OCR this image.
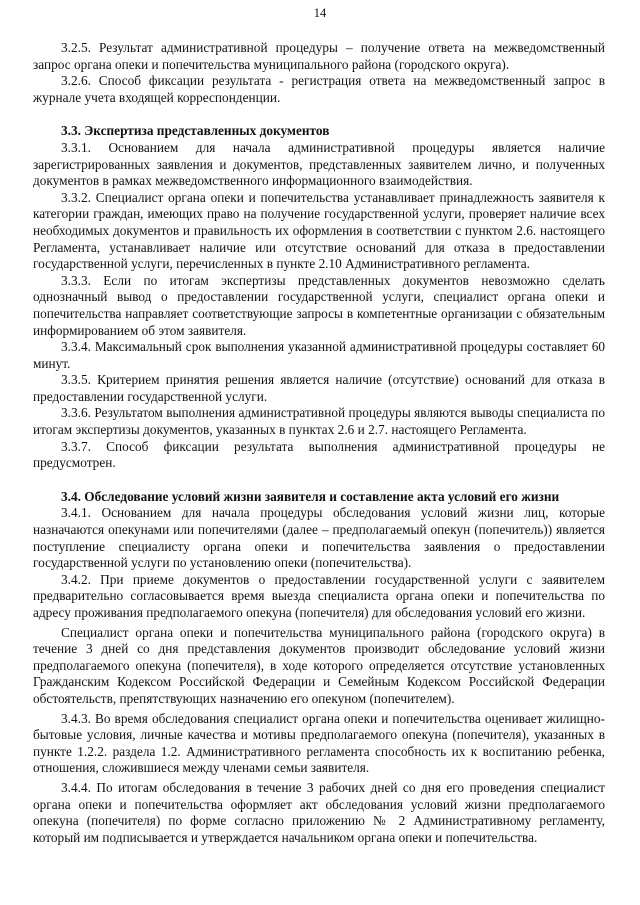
14

3.2.5. Результат административной процедуры – получение ответа на межведомственный запрос органа опеки и попечительства муниципального района (городского округа).

3.2.6. Способ фиксации результата - регистрация ответа на межведомственный запрос в журнале учета входящей корреспонденции.

3.3. Экспертиза представленных документов

3.3.1. Основанием для начала административной процедуры является наличие зарегистрированных заявления и документов, представленных заявителем лично, и полученных документов в рамках межведомственного информационного взаимодействия.

3.3.2. Специалист органа опеки и попечительства устанавливает принадлежность заявителя к категории граждан, имеющих право на получение государственной услуги, проверяет наличие всех необходимых документов и правильность их оформления в соответствии с пунктом 2.6. настоящего Регламента, устанавливает наличие или отсутствие оснований для отказа в предоставлении государственной услуги, перечисленных в пункте 2.10 Административного регламента.

3.3.3. Если по итогам экспертизы представленных документов невозможно сделать однозначный вывод о предоставлении государственной услуги, специалист органа опеки и попечительства направляет соответствующие запросы в компетентные организации с обязательным информированием об этом заявителя.

3.3.4. Максимальный срок выполнения указанной административной процедуры составляет 60 минут.

3.3.5. Критерием принятия решения является наличие (отсутствие) оснований для отказа в предоставлении государственной услуги.

3.3.6. Результатом выполнения административной процедуры являются выводы специалиста по итогам экспертизы документов, указанных в пунктах 2.6 и 2.7. настоящего Регламента.

3.3.7. Способ фиксации результата выполнения административной процедуры не предусмотрен.

3.4. Обследование условий жизни заявителя и составление акта условий его жизни

3.4.1. Основанием для начала процедуры обследования условий жизни лиц, которые назначаются опекунами или попечителями (далее – предполагаемый опекун (попечитель)) является поступление специалисту органа опеки и попечительства заявления о предоставлении государственной услуги по установлению опеки (попечительства).

3.4.2. При приеме документов о предоставлении государственной услуги с заявителем предварительно согласовывается время выезда специалиста органа опеки и попечительства по адресу проживания предполагаемого опекуна (попечителя) для обследования условий его жизни.

Специалист органа опеки и попечительства муниципального района (городского округа) в течение 3 дней со дня представления документов производит обследование условий жизни предполагаемого опекуна (попечителя), в ходе которого определяется отсутствие установленных Гражданским Кодексом Российской Федерации и Семейным Кодексом Российской Федерации обстоятельств, препятствующих назначению его опекуном (попечителем).

3.4.3. Во время обследования специалист органа опеки и попечительства оценивает жилищно-бытовые условия, личные качества и мотивы предполагаемого опекуна (попечителя), указанных в пункте 1.2.2. раздела 1.2. Административного регламента способность их к воспитанию ребенка, отношения, сложившиеся между членами семьи заявителя.

3.4.4. По итогам обследования в течение 3 рабочих дней со дня его проведения специалист органа опеки и попечительства оформляет акт обследования условий жизни предполагаемого опекуна (попечителя) по форме согласно приложению № 2 Административному регламенту, который им подписывается и утверждается начальником органа опеки и попечительства.
